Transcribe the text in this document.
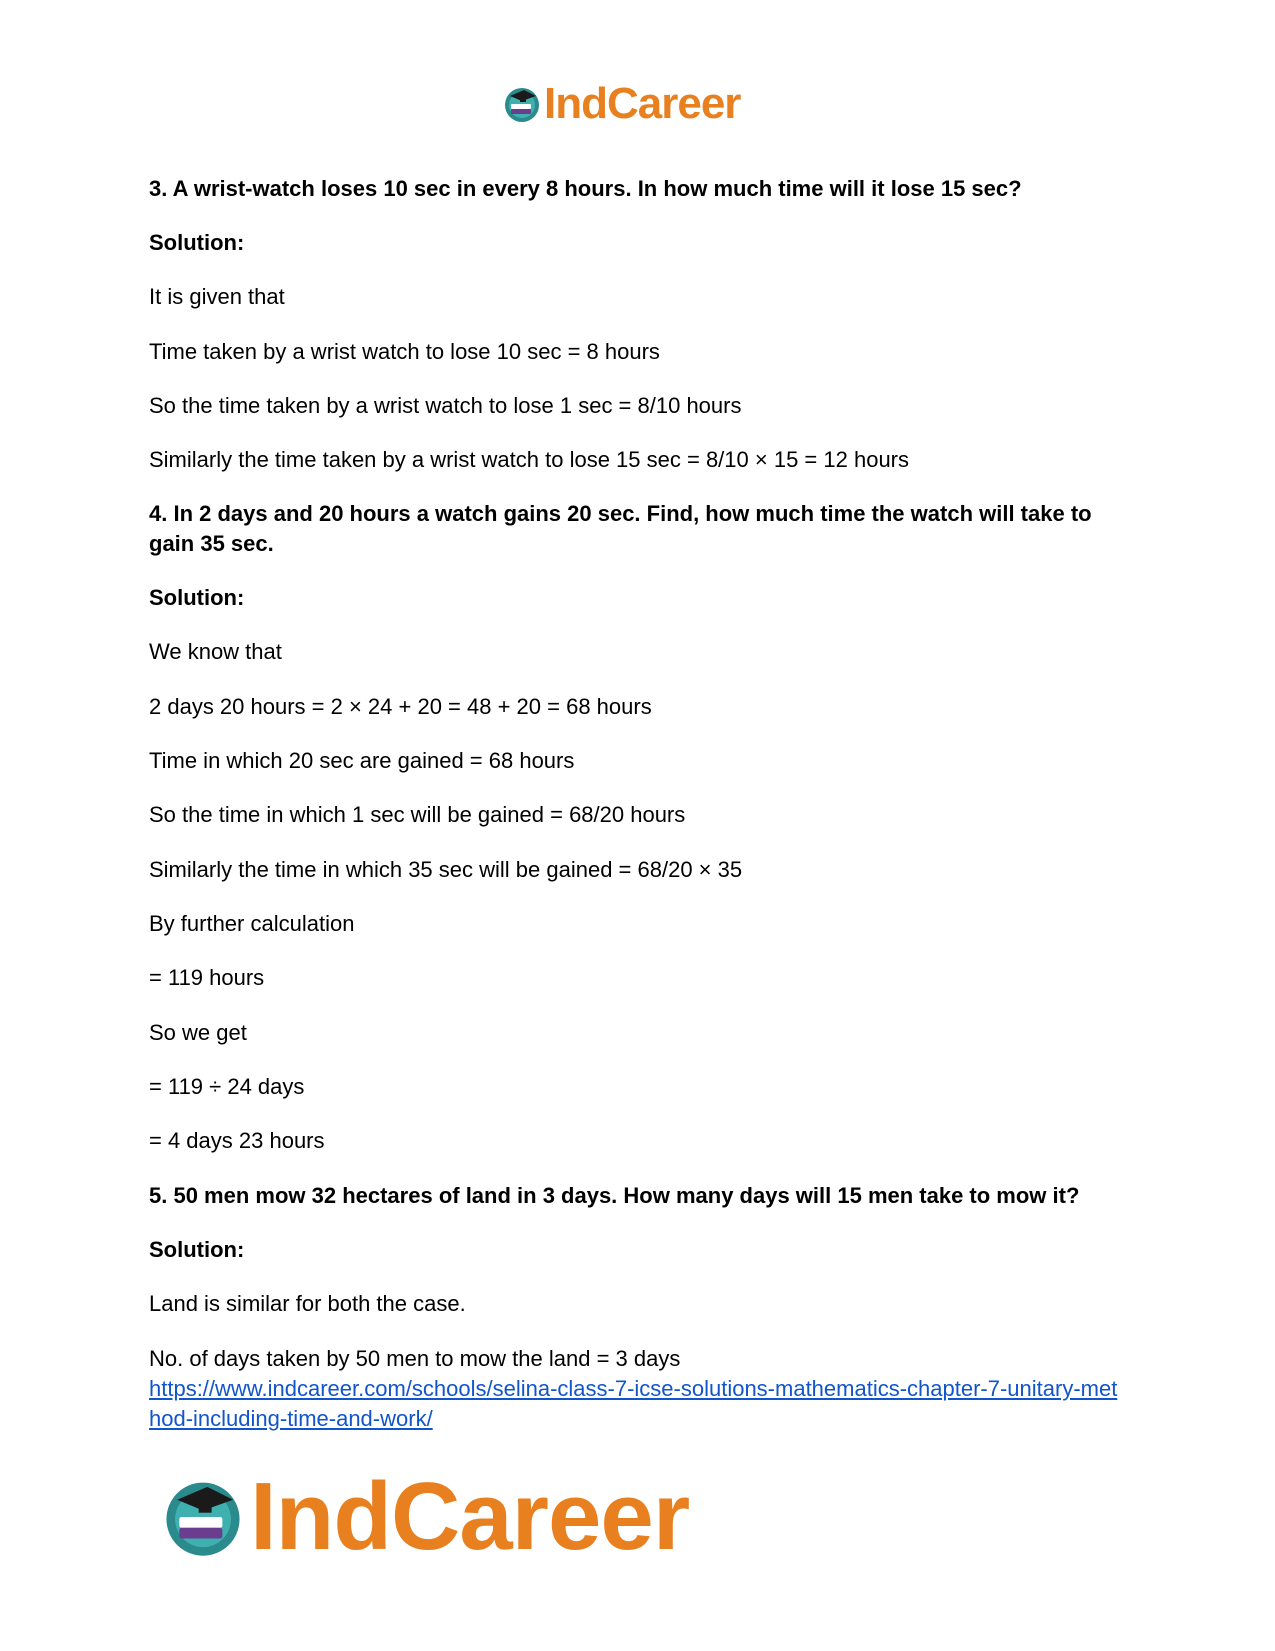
IndCareer
3. A wrist-watch loses 10 sec in every 8 hours. In how much time will it lose 15 sec?
Solution:
It is given that
Time taken by a wrist watch to lose 10 sec = 8 hours
So the time taken by a wrist watch to lose 1 sec = 8/10 hours
Similarly the time taken by a wrist watch to lose 15 sec = 8/10 × 15 = 12 hours
4. In 2 days and 20 hours a watch gains 20 sec. Find, how much time the watch will take to gain 35 sec.
Solution:
We know that
2 days 20 hours = 2 × 24 + 20 = 48 + 20 = 68 hours
Time in which 20 sec are gained = 68 hours
So the time in which 1 sec will be gained = 68/20 hours
Similarly the time in which 35 sec will be gained = 68/20 × 35
By further calculation
= 119 hours
So we get
= 119 ÷ 24 days
= 4 days 23 hours
5. 50 men mow 32 hectares of land in 3 days. How many days will 15 men take to mow it?
Solution:
Land is similar for both the case.
No. of days taken by 50 men to mow the land = 3 days
https://www.indcareer.com/schools/selina-class-7-icse-solutions-mathematics-chapter-7-unitary-method-including-time-and-work/
IndCareer
